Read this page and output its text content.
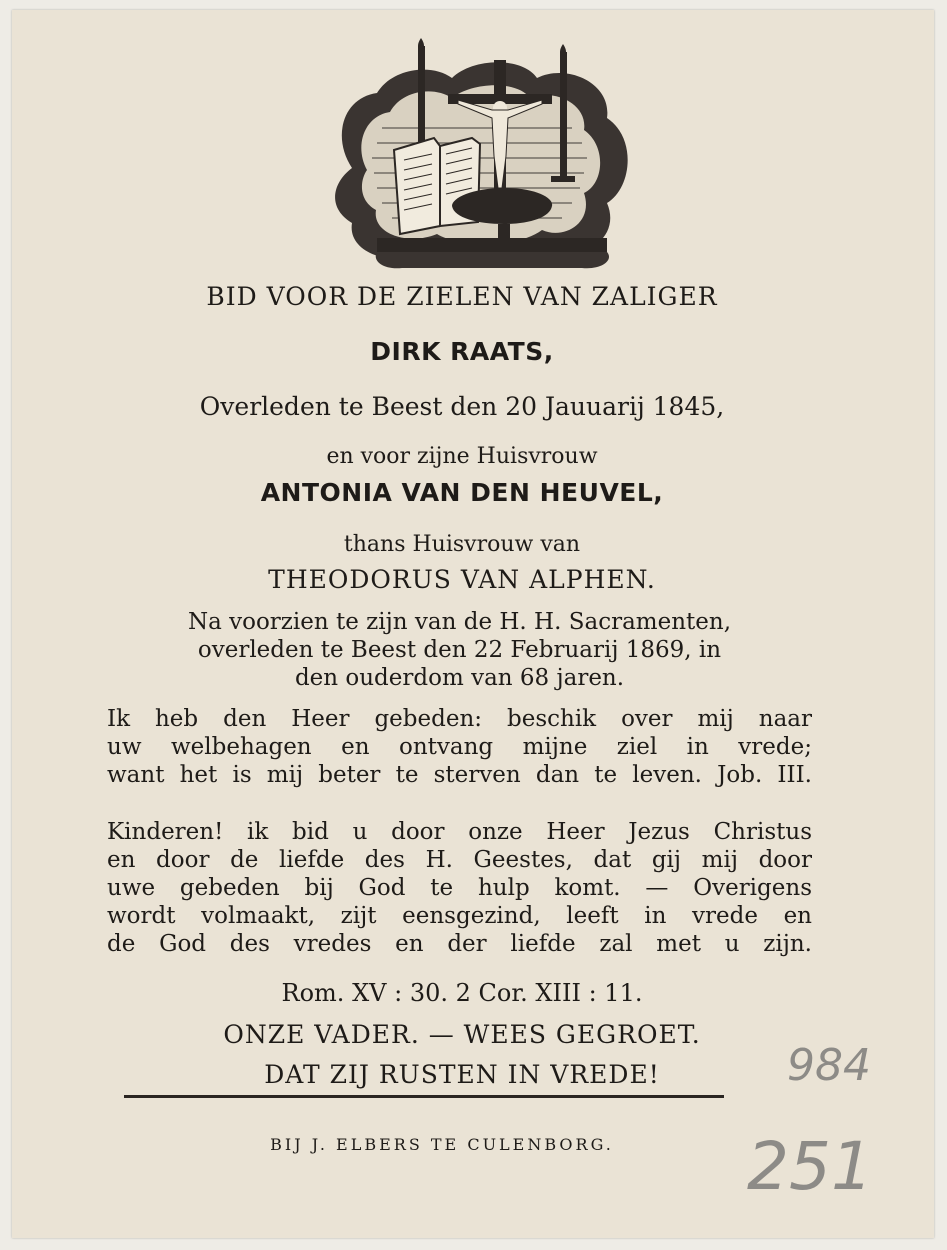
BID VOOR DE ZIELEN VAN ZALIGER
DIRK RAATS,
Overleden te Beest den 20 Jauuarij 1845,
en voor zijne Huisvrouw
ANTONIA VAN DEN HEUVEL,
thans Huisvrouw van
THEODORUS VAN ALPHEN.
Na voorzien te zijn van de H. H. Sacramenten,
overleden te Beest den 22 Februarij 1869, in
den ouderdom van 68 jaren.
Ik heb den Heer gebeden: beschik over mij naar
uw welbehagen en ontvang mijne ziel in vrede;
want het is mij beter te sterven dan te leven. Job. III.
Kinderen! ik bid u door onze Heer Jezus Christus
en door de liefde des H. Geestes, dat gij mij door
uwe gebeden bij God te hulp komt. — Overigens
wordt volmaakt, zijt eensgezind, leeft in vrede en
de God des vredes en der liefde zal met u zijn.
Rom. XV : 30. 2 Cor. XIII : 11.
ONZE VADER. — WEES GEGROET.
DAT ZIJ RUSTEN IN VREDE!
BIJ J. ELBERS TE CULENBORG.
984
251
